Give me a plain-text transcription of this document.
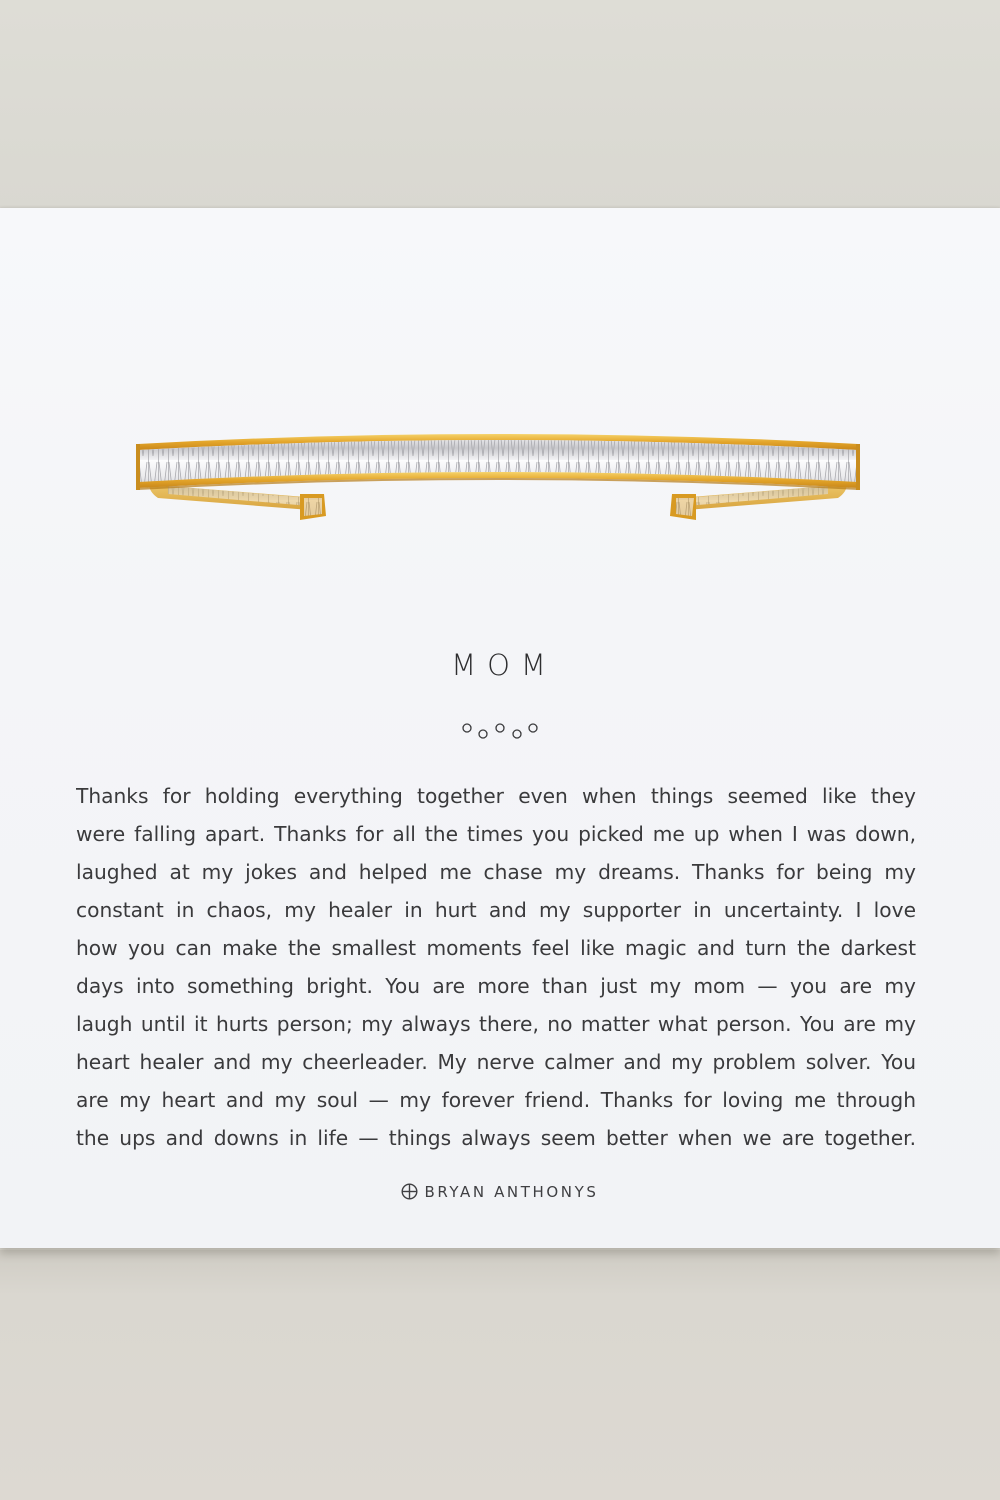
MOM
Thanks for holding everything together even when things seemed like they
were falling apart. Thanks for all the times you picked me up when I was down,
laughed at my jokes and helped me chase my dreams. Thanks for being my
constant in chaos, my healer in hurt and my supporter in uncertainty. I love
how you can make the smallest moments feel like magic and turn the darkest
days into something bright. You are more than just my mom — you are my
laugh until it hurts person; my always there, no matter what person. You are my
heart healer and my cheerleader. My nerve calmer and my problem solver. You
are my heart and my soul — my forever friend. Thanks for loving me through
the ups and downs in life — things always seem better when we are together.
BRYAN ANTHONYS
